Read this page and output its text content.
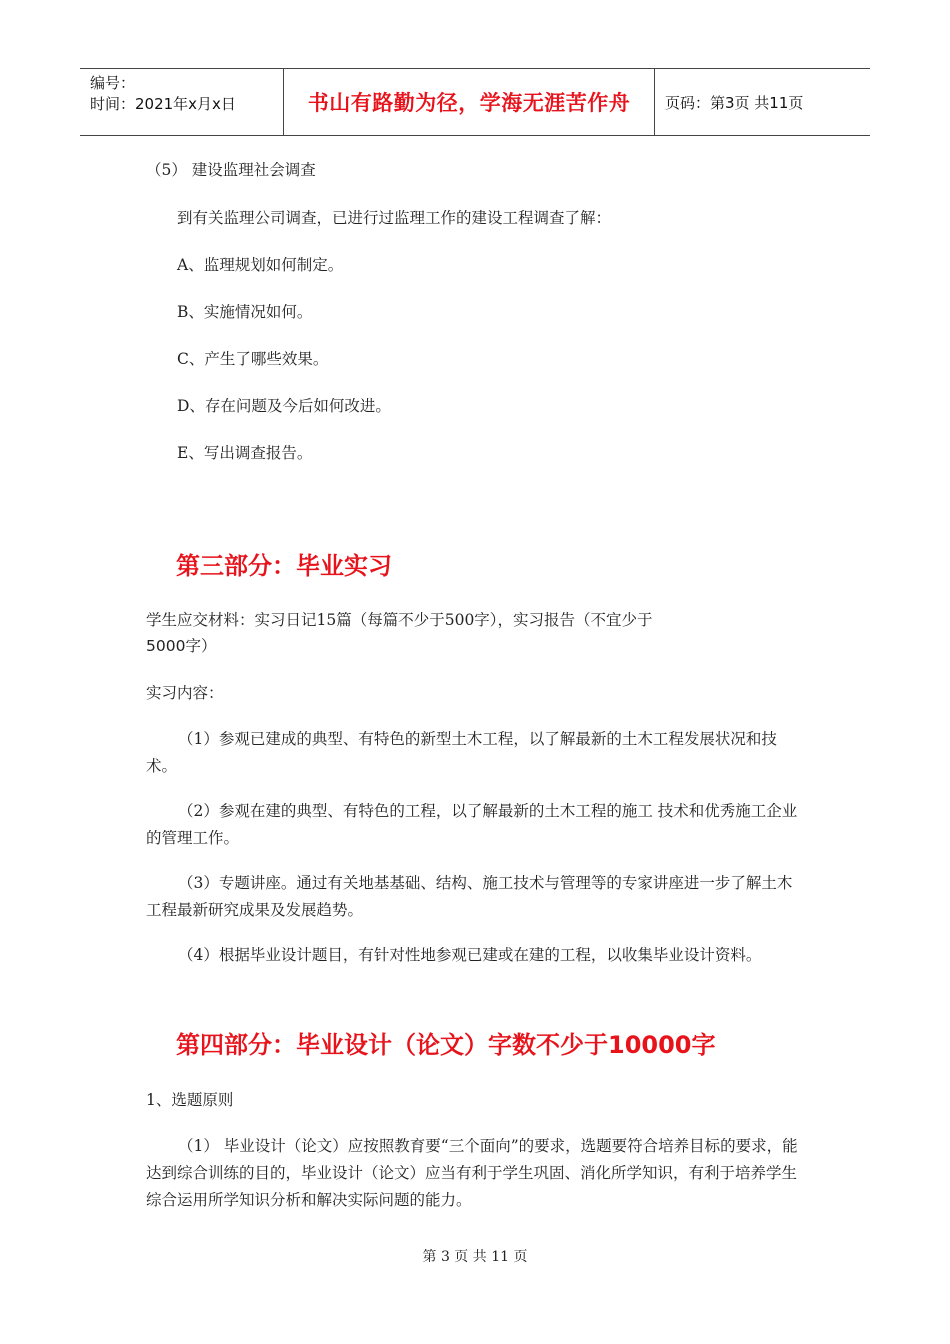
编号：
时间：2021年x月x日	书山有路勤为径，学海无涯苦作舟	页码：第3页 共11页
（5） 建设监理社会调查
到有关监理公司调查，已进行过监理工作的建设工程调查了解：
A、监理规划如何制定。
B、实施情况如何。
C、产生了哪些效果。
D、存在问题及今后如何改进。
E、写出调查报告。
第三部分：毕业实习
学生应交材料：实习日记15篇（每篇不少于500字），实习报告（不宜少于
5000字）
实习内容：
（1）参观已建成的典型、有特色的新型土木工程，以了解最新的土木工程发展状况和技术。
（2）参观在建的典型、有特色的工程，以了解最新的土木工程的施工 技术和优秀施工企业的管理工作。
（3）专题讲座。通过有关地基基础、结构、施工技术与管理等的专家讲座进一步了解土木工程最新研究成果及发展趋势。
（4）根据毕业设计题目，有针对性地参观已建或在建的工程，以收集毕业设计资料。
第四部分：毕业设计（论文）字数不少于10000字
1、选题原则
（1） 毕业设计（论文）应按照教育要“三个面向”的要求，选题要符合培养目标的要求，能达到综合训练的目的，毕业设计（论文）应当有利于学生巩固、消化所学知识，有利于培养学生综合运用所学知识分析和解决实际问题的能力。
第 3 页 共 11 页
